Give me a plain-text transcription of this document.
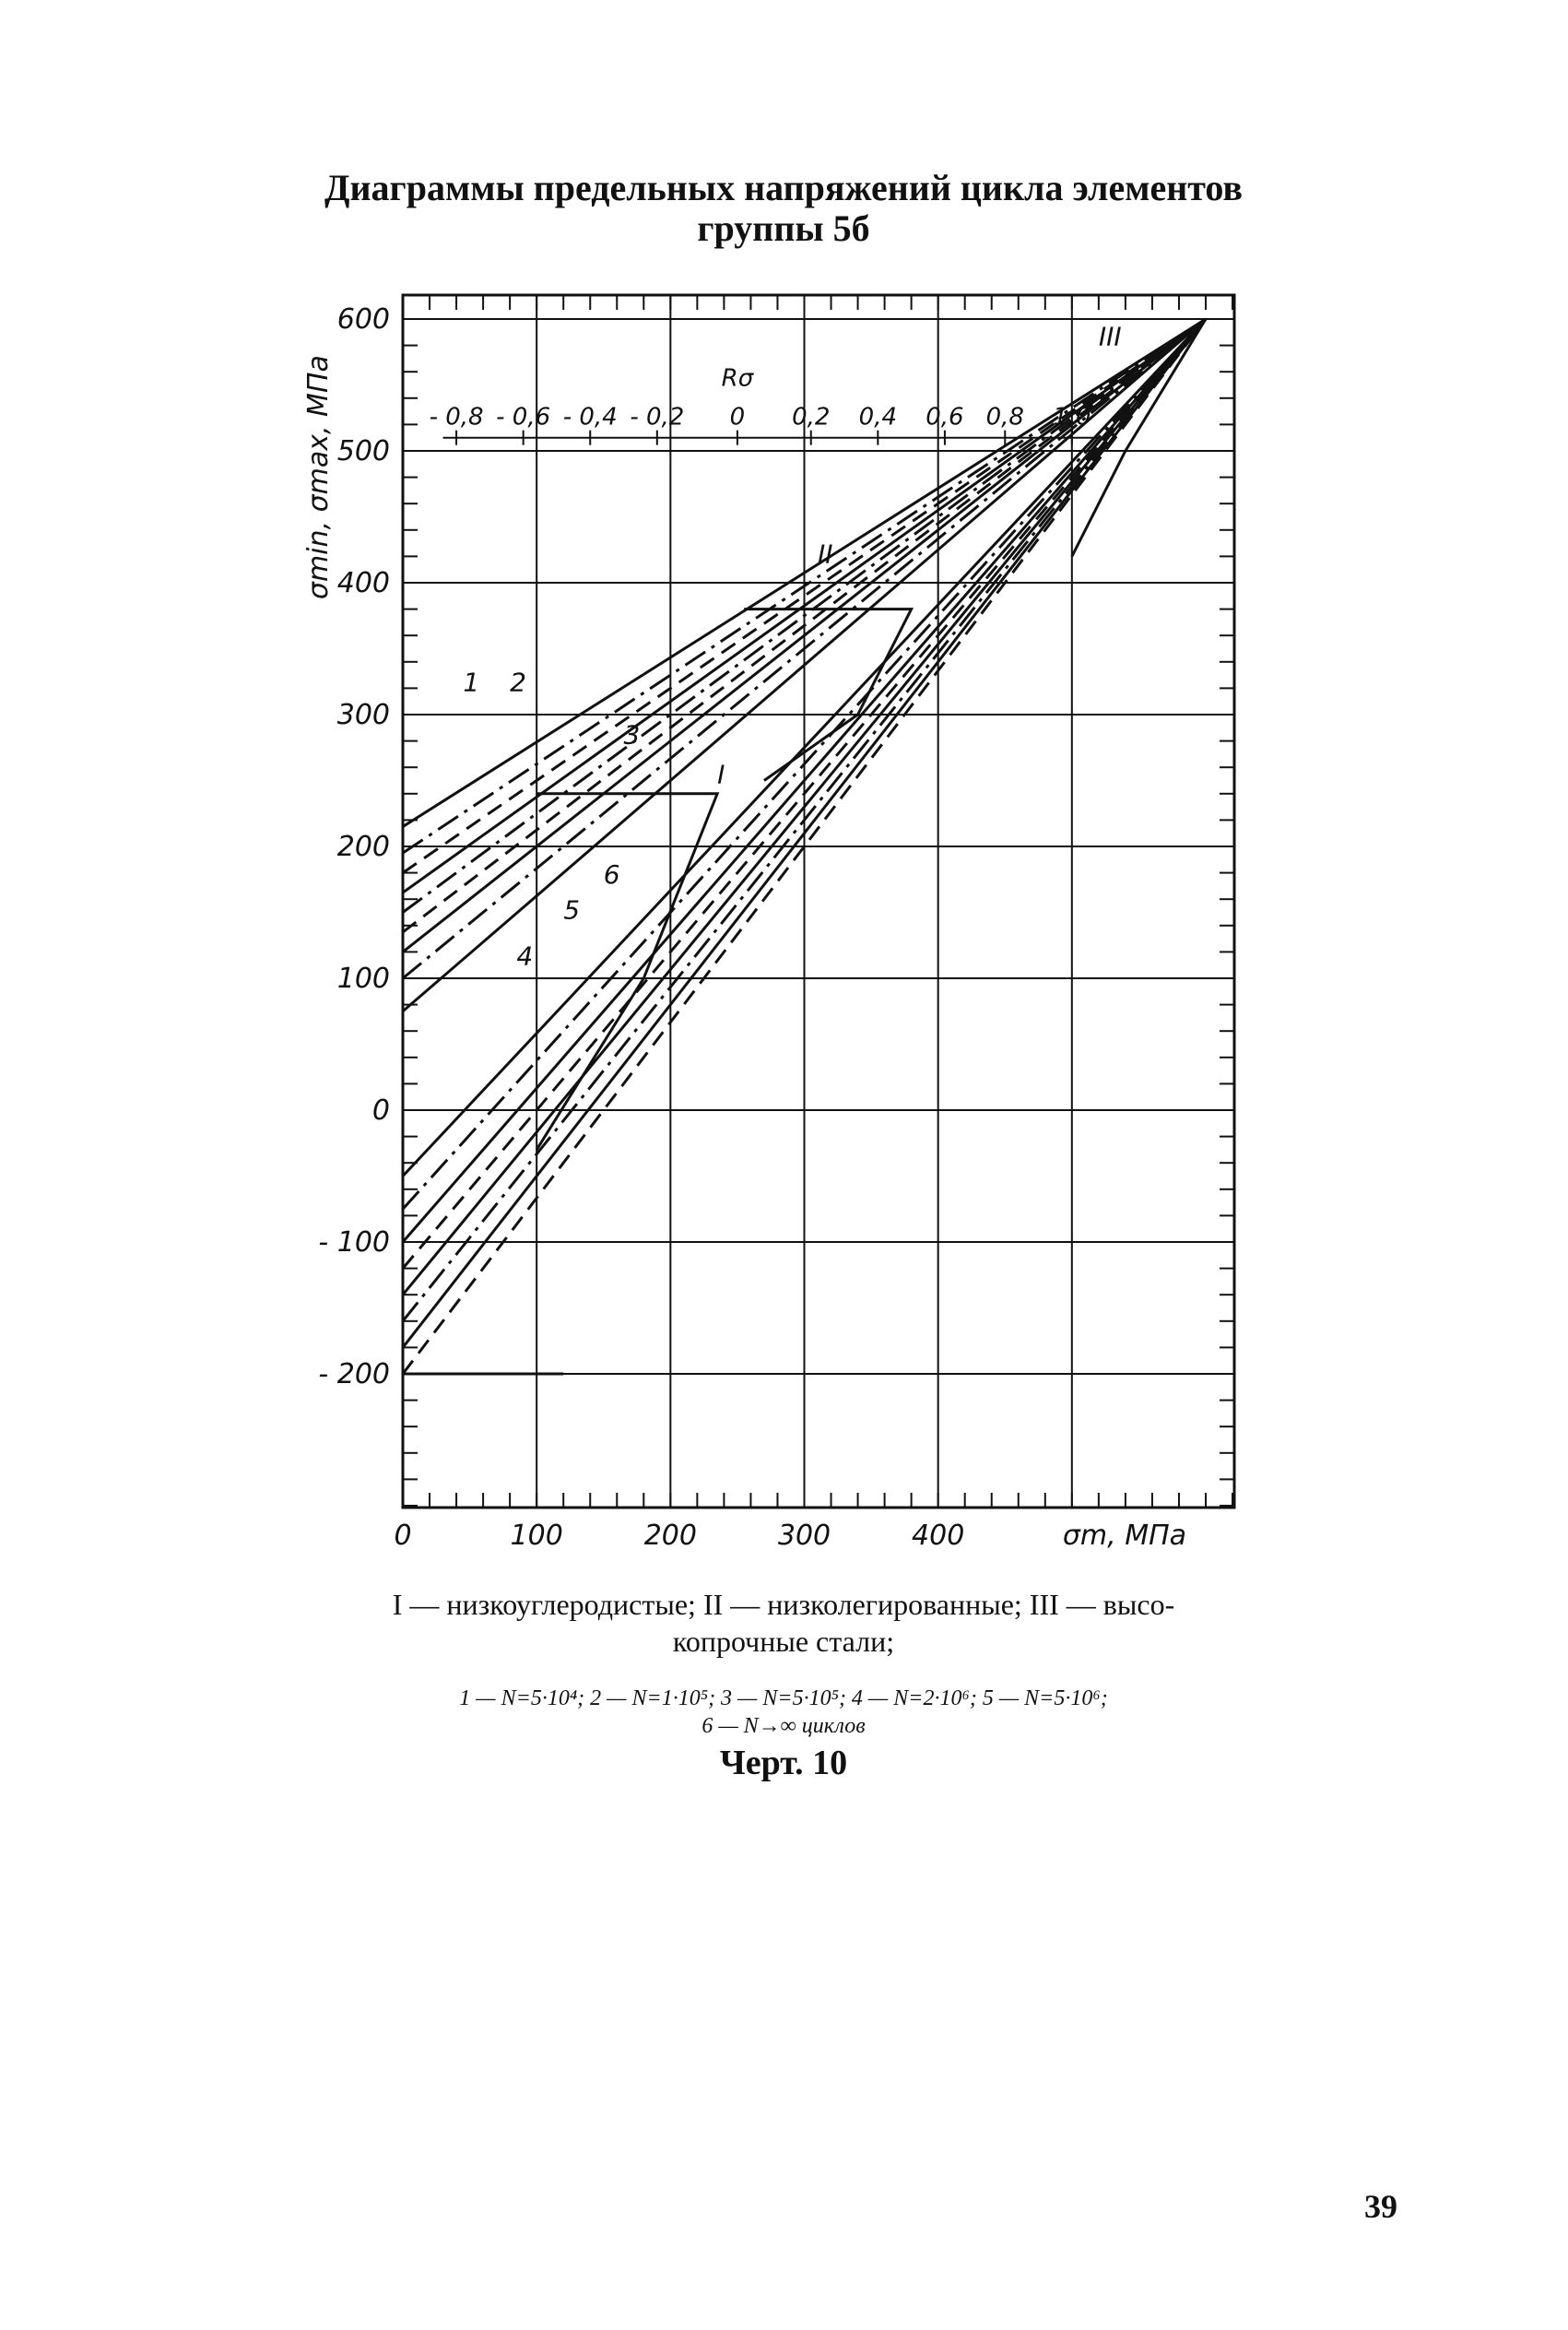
Диаграммы предельных напряжений цикла элементов
группы 5б
- 0,8 - 0,6 - 0,4 - 0,2 0 0,2 0,4 0,6 0,8 1,0
Rσ
600
500
400
300
200
100
0
- 100
- 200
0	100	200	300	400	σm, МПа
σmin, σmax, МПа
I
II
III
1 2
3
4
5
6
I — низкоуглеродистые; II — низколегированные; III — высо-
копрочные стали;
1 — N=5·10⁴; 2 — N=1·10⁵; 3 — N=5·10⁵; 4 — N=2·10⁶; 5 — N=5·10⁶;
6 — N→∞ циклов
Черт. 10
39
